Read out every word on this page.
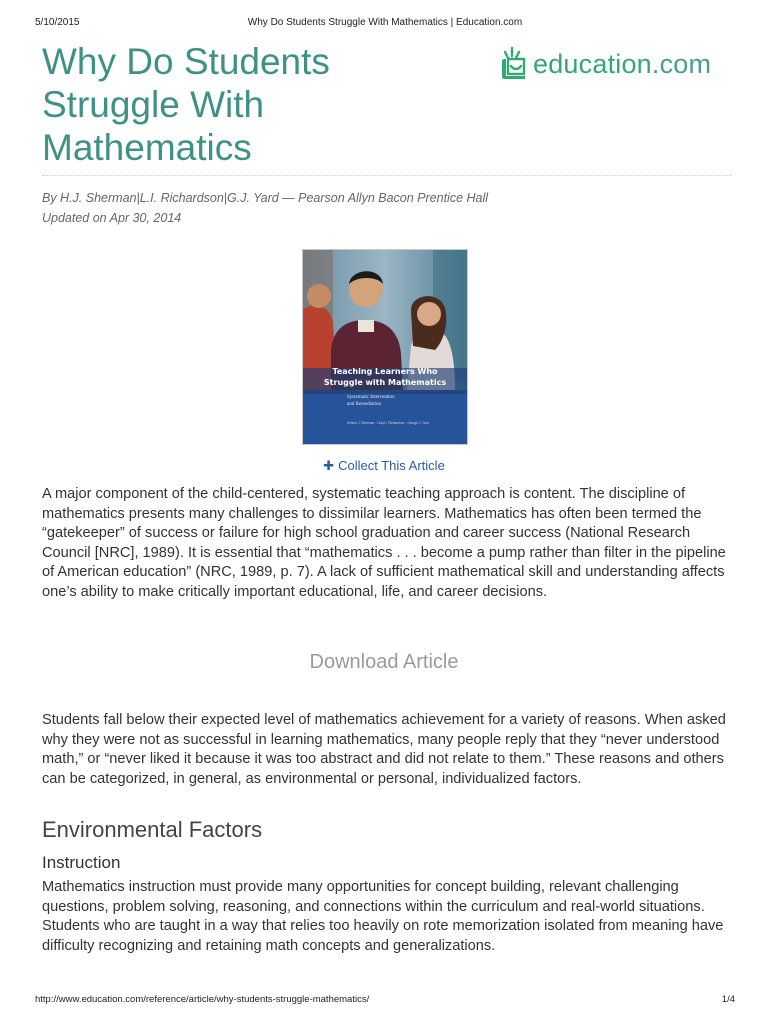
5/10/2015	Why Do Students Struggle With Mathematics | Education.com
Why Do Students Struggle With Mathematics
education.com
By H.J. Sherman|L.I. Richardson|G.J. Yard — Pearson Allyn Bacon Prentice Hall
Updated on Apr 30, 2014
Teaching Learners Who
Struggle with Mathematics
Systematic Intervention
and Remediation
Helene J. Sherman · Lloyd I. Richardson · George J. Yard
✚ Collect This Article

A major component of the child-centered, systematic teaching approach is content. The discipline of mathematics presents many challenges to dissimilar learners. Mathematics has often been termed the “gatekeeper” of success or failure for high school graduation and career success (National Research Council [NRC], 1989). It is essential that “mathematics . . . become a pump rather than filter in the pipeline of American education” (NRC, 1989, p. 7). A lack of sufficient mathematical skill and understanding affects one’s ability to make critically important educational, life, and career decisions.

Download Article

Students fall below their expected level of mathematics achievement for a variety of reasons. When asked why they were not as successful in learning mathematics, many people reply that they “never understood math,” or “never liked it because it was too abstract and did not relate to them.” These reasons and others can be categorized, in general, as environmental or personal, individualized factors.

Environmental Factors
Instruction

Mathematics instruction must provide many opportunities for concept building, relevant challenging questions, problem solving, reasoning, and connections within the curriculum and real-world situations. Students who are taught in a way that relies too heavily on rote memorization isolated from meaning have difficulty recognizing and retaining math concepts and generalizations.

http://www.education.com/reference/article/why-students-struggle-mathematics/	1/4
